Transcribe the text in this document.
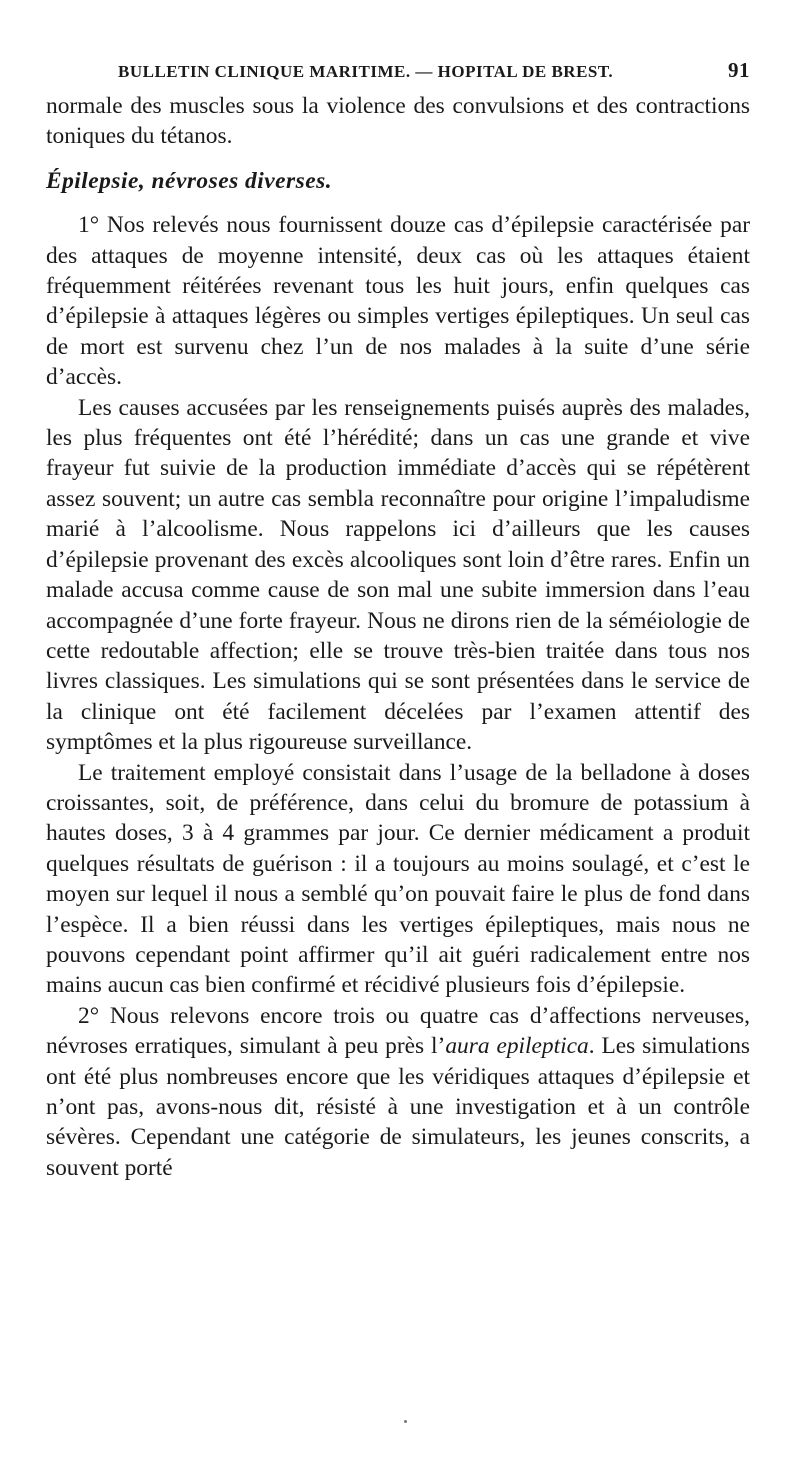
BULLETIN CLINIQUE MARITIME. — HOPITAL DE BREST.	91

normale des muscles sous la violence des convulsions et des contractions toniques du tétanos.

Épilepsie, névroses diverses.

1° Nos relevés nous fournissent douze cas d’épilepsie caractérisée par des attaques de moyenne intensité, deux cas où les attaques étaient fréquemment réitérées revenant tous les huit jours, enfin quelques cas d’épilepsie à attaques légères ou simples vertiges épileptiques. Un seul cas de mort est survenu chez l’un de nos malades à la suite d’une série d’accès.

Les causes accusées par les renseignements puisés auprès des malades, les plus fréquentes ont été l’hérédité; dans un cas une grande et vive frayeur fut suivie de la production immédiate d’accès qui se répétèrent assez souvent; un autre cas sembla reconnaître pour origine l’impaludisme marié à l’alcoolisme. Nous rappelons ici d’ailleurs que les causes d’épilepsie provenant des excès alcooliques sont loin d’être rares. Enfin un malade accusa comme cause de son mal une subite immersion dans l’eau accompagnée d’une forte frayeur. Nous ne dirons rien de la séméiologie de cette redoutable affection; elle se trouve très-bien traitée dans tous nos livres classiques. Les simulations qui se sont présentées dans le service de la clinique ont été facilement décelées par l’examen attentif des symptômes et la plus rigoureuse surveillance.

Le traitement employé consistait dans l’usage de la belladone à doses croissantes, soit, de préférence, dans celui du bromure de potassium à hautes doses, 3 à 4 grammes par jour. Ce dernier médicament a produit quelques résultats de guérison : il a toujours au moins soulagé, et c’est le moyen sur lequel il nous a semblé qu’on pouvait faire le plus de fond dans l’espèce. Il a bien réussi dans les vertiges épileptiques, mais nous ne pouvons cependant point affirmer qu’il ait guéri radicalement entre nos mains aucun cas bien confirmé et récidivé plusieurs fois d’épilepsie.

2° Nous relevons encore trois ou quatre cas d’affections nerveuses, névroses erratiques, simulant à peu près l’aura epileptica. Les simulations ont été plus nombreuses encore que les véridiques attaques d’épilepsie et n’ont pas, avons-nous dit, résisté à une investigation et à un contrôle sévères. Cependant une catégorie de simulateurs, les jeunes conscrits, a souvent porté
